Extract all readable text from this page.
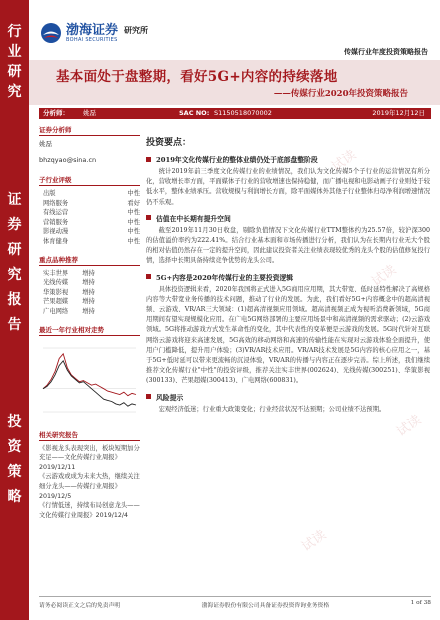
行
业
研
究
证
券
研
究
报
告
投
资
策
略
渤海证券
BOHAI SECURITIES
研究所
传媒行业年度投资策略报告
基本面处于盘整期，看好5G+内容的持续落地
——传媒行业2020年投资策略报告
分析师： 姚磊	SAC NO: S1150518070002	2019年12月12日
证券分析师
姚磊
bhzqyao@sina.cn
子行业评级
出版	中性
网络服务	看好
有线运营	中性
营销服务	中性
影视动漫	中性
体育健身	中性
重点品种推荐
实丰世界 增持
光线传媒 增持
华策影视 增持
芒果超媒 增持
广电网络 增持
最近一年行业相对走势
相关研究报告
《影视龙头表现突出，板块短期加分充足——文化传媒行业周报》2019/12/11
《云游戏或成为未来大热，继续关注细分龙头——传媒行业周报》2019/12/5
《行情低迷，持续布局创意龙头——文化传媒行业周报》2019/12/4
投资要点：
2019年文化传媒行业的整体业绩仍处于底部盘整阶段

统计2019年前三季度文化传媒行业的业绩情况，我们认为文化传媒5个子行业的运营情况有所分化，营收增长率方面，平面媒体子行业的营收增速也保持稳健，而广播电视和电影动画子行业则处于较低水平，整体业绩承压。营收规模与利润增长方面，除平面媒体外其他子行业整体归母净利润增速情况仍不乐观。

估值在中长期有提升空间

截至2019年11月30日收盘，剔除负值情况下文化传媒行业TTM整体约为25.57倍，较沪深300的估值溢价率约为222.41%。结合行业基本面和市场传播进行分析，我们认为在长期内行业无大个股的相对估值仍然存在一定的提升空间，因此建议投资者关注业绩表现较优秀的龙头个股的估值修复投行情，选择中长期具备持续竞争优势的龙头公司。

5G+内容是2020年传媒行业的主要投资逻辑

具体投资逻辑来看，2020年我国将正式进入5G商用应用期，其大带宽、低时延特性解决了高规格内容等大带宽业务传播的技术问题，推动了行业的发展。为此，我们看好5G+内容概念中的超高清视频、云游戏、VR/AR三大领域：(1)超高清视频应用领域。超高清视频正成为视听消费新领域，5G商用期间有望实现规模化应用。在广电5G网络部署的主要应用场景中和高清视频的需求驱动；(2)云游戏领域。5G将推动游戏方式发生革命性的变化，其中代表性的变革便是云游戏的发展。5G时代针对互联网络云游戏将迎来高速发展，5G高效的移动网络和高速的传输性能在实现对云游戏体验全面提升，使用户门槛降低，提升用户体验；(3)VR/AR技术应用。VR/AR技术发展是5G内容的核心应用之一，基于5G+低时延可以带来更流畅的沉浸体验，VR/AR的传播与内容正在逐步完善。综上所述，我们继续推荐文化传媒行业"中性"的投资评级，推荐关注实丰世界(002624)、光线传媒(300251)、华策影视(300133)、芒果超媒(300413)、广电网络(600831)。

风险提示

宏观经济低迷；行业重大政策变化；行业经营状况不达预期；公司业绩不达预期。

试读
试读
试读
试读
请务必阅读正文之后的免责声明	渤海证券股份有限公司具备证券投资咨询业务资格	1 of 38
